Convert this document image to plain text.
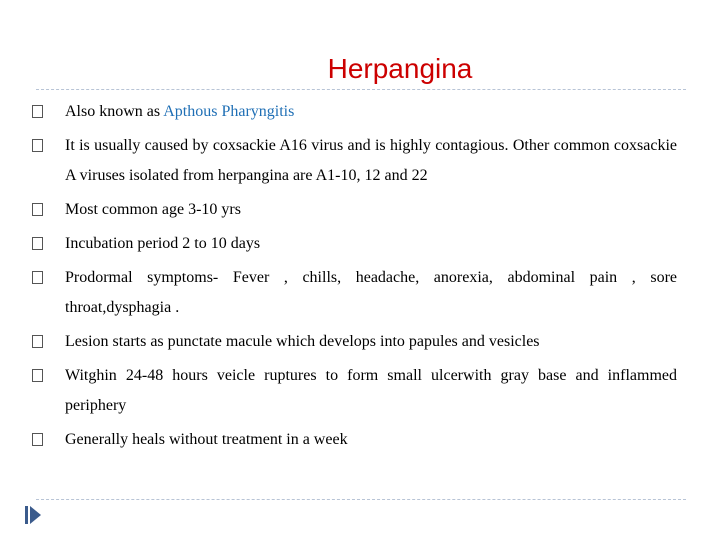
Herpangina
Also known as Apthous Pharyngitis
It is usually caused by coxsackie A16 virus and is highly contagious. Other common coxsackie A viruses isolated from herpangina are A1-10, 12 and 22
Most common age 3-10 yrs
Incubation period 2 to 10 days
Prodormal symptoms- Fever , chills, headache, anorexia, abdominal pain , sore throat,dysphagia .
Lesion starts as punctate macule which develops into papules and vesicles
Witghin 24-48 hours veicle ruptures to form small ulcerwith gray base and inflammed periphery
Generally heals without treatment in a week
